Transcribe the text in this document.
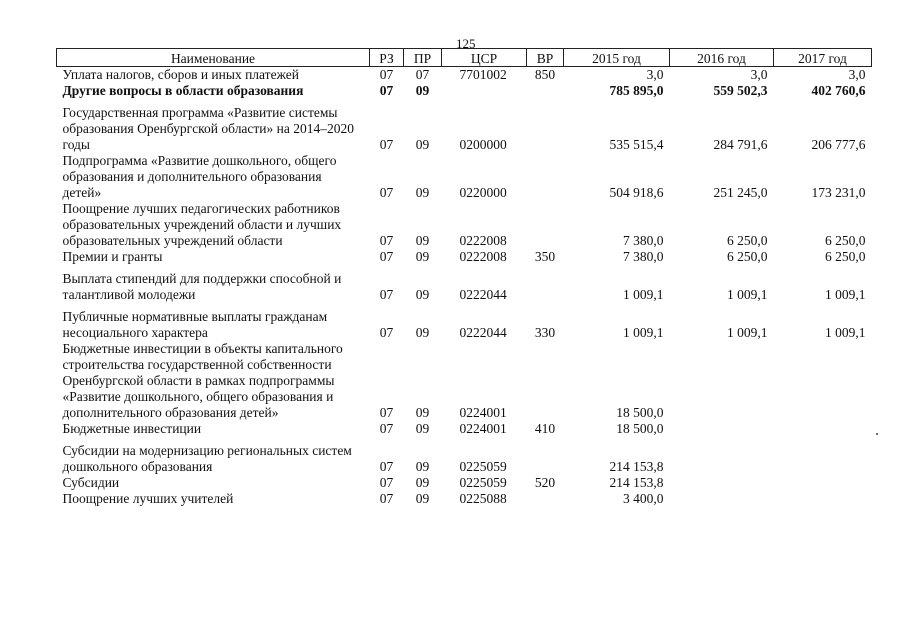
125
Наименование	РЗ	ПР	ЦСР	ВР	2015 год	2016 год	2017 год
Уплата налогов, сборов и иных платежей	07	07	7701002	850	3,0	3,0	3,0
Другие вопросы в области образования	07	09			785 895,0	559 502,3	402 760,6
Государственная программа «Развитие системы образования Оренбургской области» на 2014–2020 годы	07	09	0200000		535 515,4	284 791,6	206 777,6
Подпрограмма «Развитие дошкольного, общего образования и дополнительного образования детей»	07	09	0220000		504 918,6	251 245,0	173 231,0
Поощрение лучших педагогических работников образовательных учреждений области и лучших образовательных учреждений области	07	09	0222008		7 380,0	6 250,0	6 250,0
Премии и гранты	07	09	0222008	350	7 380,0	6 250,0	6 250,0
Выплата стипендий для поддержки способной и талантливой молодежи	07	09	0222044		1 009,1	1 009,1	1 009,1
Публичные нормативные выплаты гражданам несоциального характера	07	09	0222044	330	1 009,1	1 009,1	1 009,1
Бюджетные инвестиции в объекты капитального строительства государственной собственности Оренбургской области в рамках подпрограммы «Развитие дошкольного, общего образования и дополнительного образования детей»	07	09	0224001		18 500,0		
Бюджетные инвестиции	07	09	0224001	410	18 500,0		
Субсидии на модернизацию региональных систем дошкольного образования	07	09	0225059		214 153,8		
Субсидии	07	09	0225059	520	214 153,8		
Поощрение лучших учителей	07	09	0225088		3 400,0		
